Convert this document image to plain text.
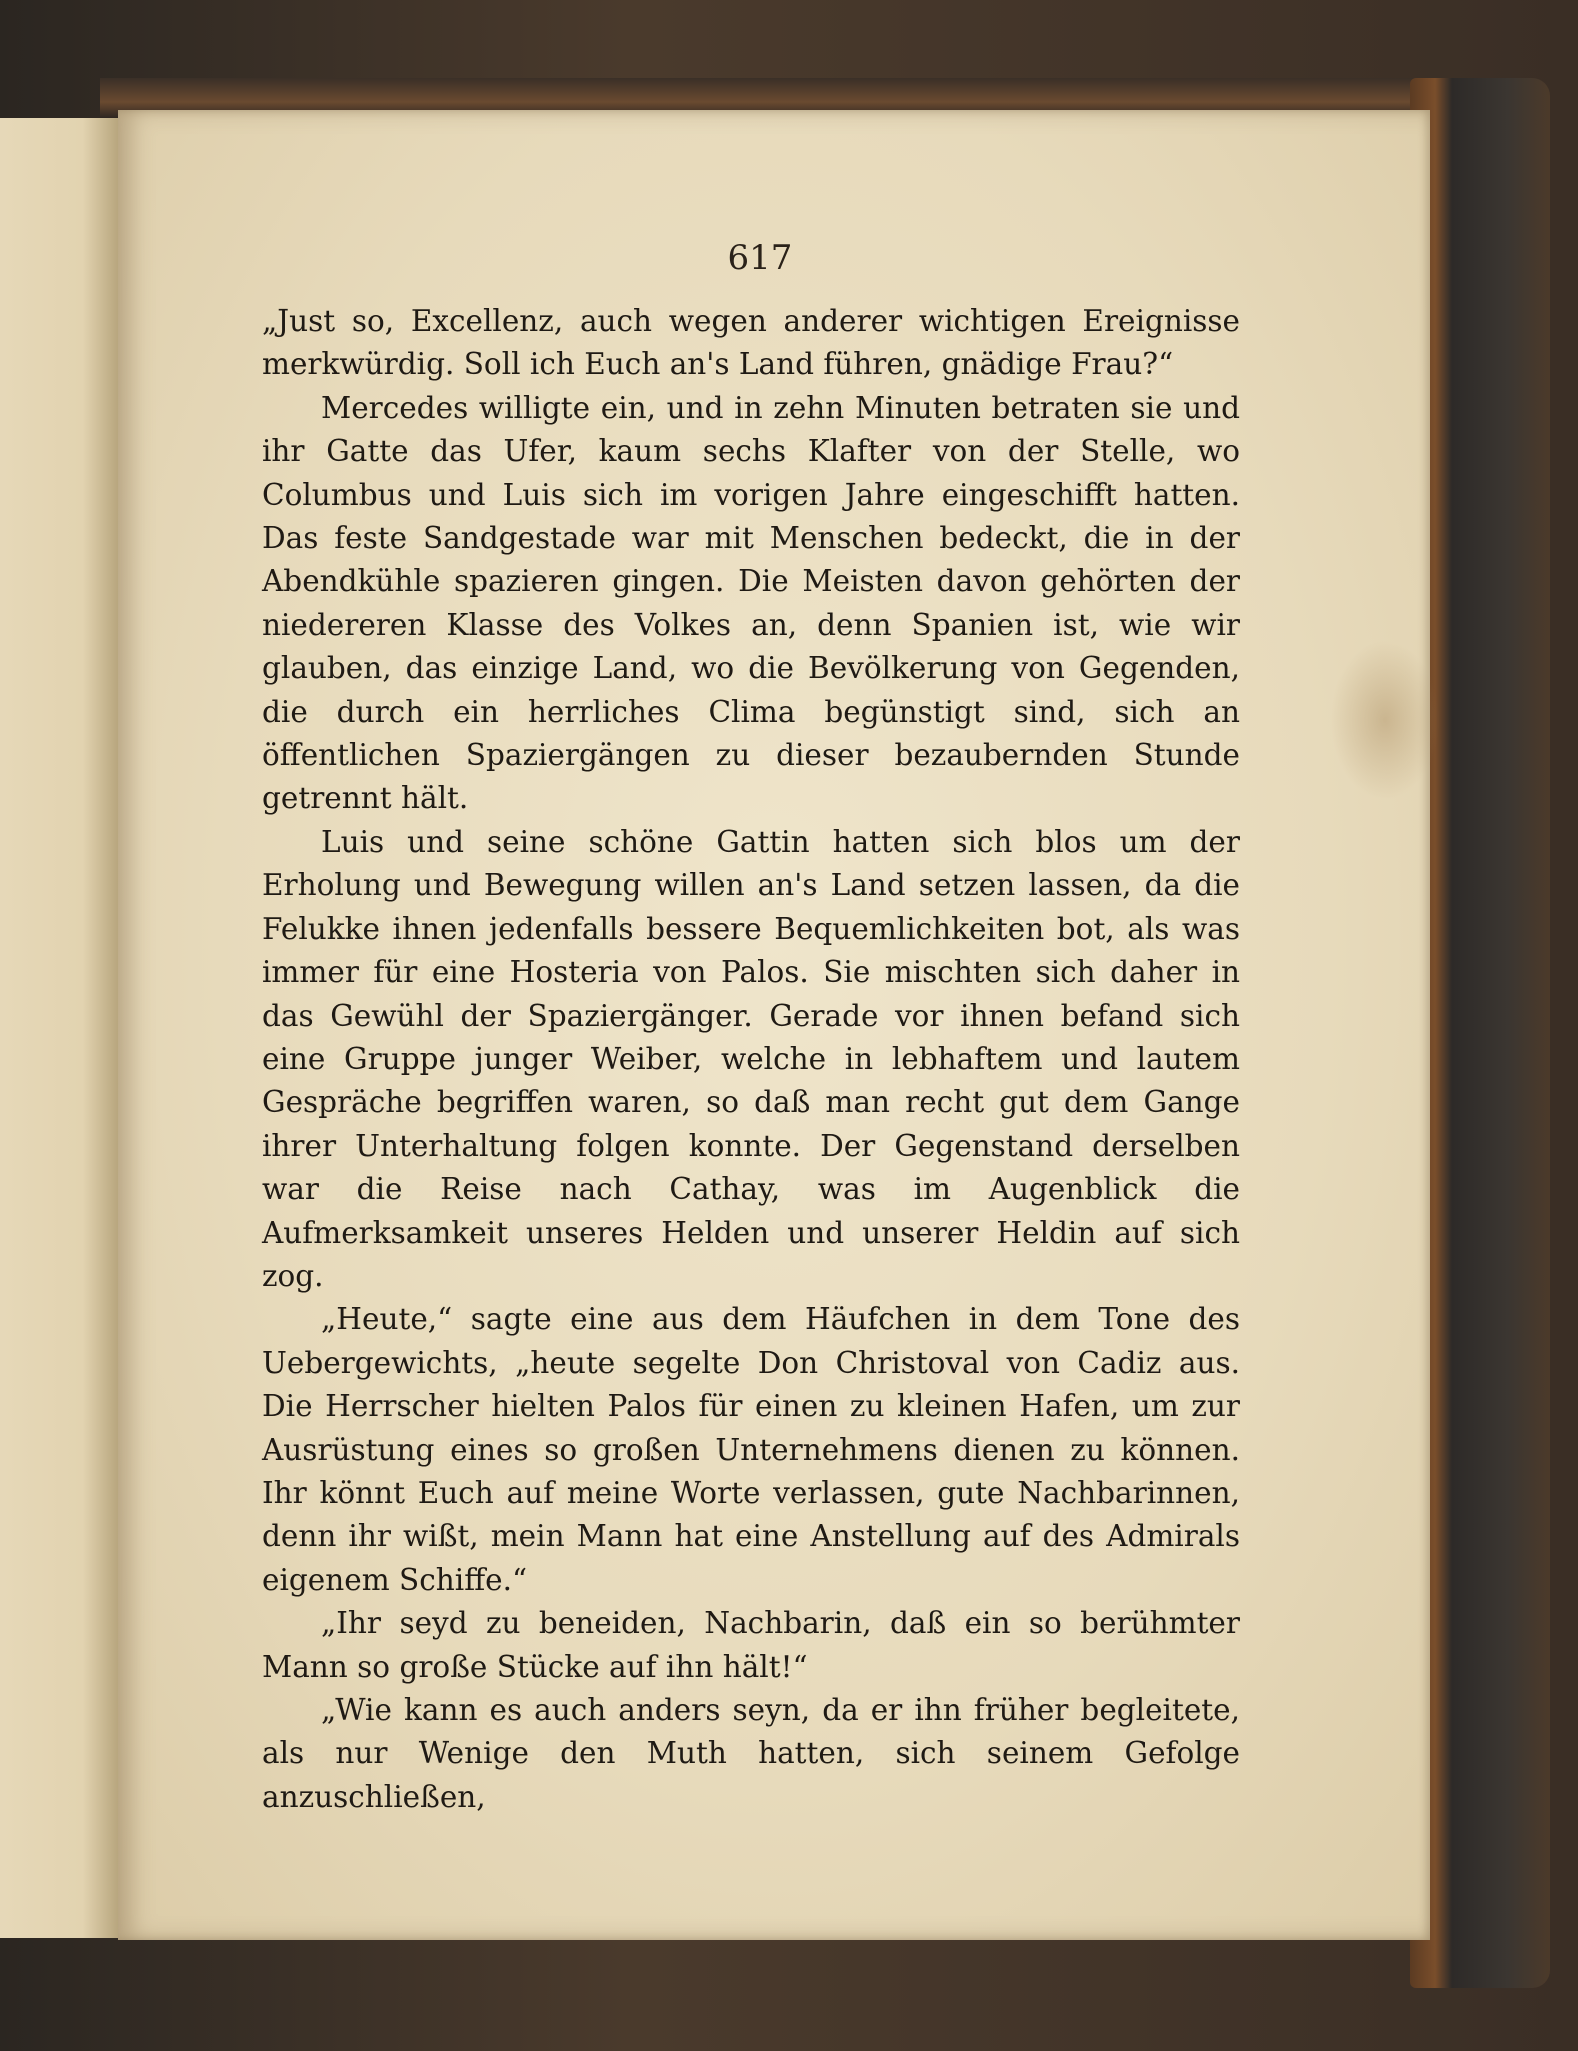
617

„Just so, Excellenz, auch wegen anderer wichtigen Ereignisse merkwürdig. Soll ich Euch an's Land führen, gnädige Frau?“

Mercedes willigte ein, und in zehn Minuten betraten sie und ihr Gatte das Ufer, kaum sechs Klafter von der Stelle, wo Columbus und Luis sich im vorigen Jahre eingeschifft hatten. Das feste Sandgestade war mit Menschen bedeckt, die in der Abendkühle spazieren gingen. Die Meisten davon gehörten der niedereren Klasse des Volkes an, denn Spanien ist, wie wir glauben, das einzige Land, wo die Bevölkerung von Gegenden, die durch ein herrliches Clima begünstigt sind, sich an öffentlichen Spaziergängen zu dieser bezaubernden Stunde getrennt hält.

Luis und seine schöne Gattin hatten sich blos um der Erholung und Bewegung willen an's Land setzen lassen, da die Felukke ihnen jedenfalls bessere Bequemlichkeiten bot, als was immer für eine Hosteria von Palos. Sie mischten sich daher in das Gewühl der Spaziergänger. Gerade vor ihnen befand sich eine Gruppe junger Weiber, welche in lebhaftem und lautem Gespräche begriffen waren, so daß man recht gut dem Gange ihrer Unterhaltung folgen konnte. Der Gegenstand derselben war die Reise nach Cathay, was im Augenblick die Aufmerksamkeit unseres Helden und unserer Heldin auf sich zog.

„Heute,“ sagte eine aus dem Häufchen in dem Tone des Uebergewichts, „heute segelte Don Christoval von Cadiz aus. Die Herrscher hielten Palos für einen zu kleinen Hafen, um zur Ausrüstung eines so großen Unternehmens dienen zu können. Ihr könnt Euch auf meine Worte verlassen, gute Nachbarinnen, denn ihr wißt, mein Mann hat eine Anstellung auf des Admirals eigenem Schiffe.“

„Ihr seyd zu beneiden, Nachbarin, daß ein so berühmter Mann so große Stücke auf ihn hält!“

„Wie kann es auch anders seyn, da er ihn früher begleitete, als nur Wenige den Muth hatten, sich seinem Gefolge anzuschließen,
